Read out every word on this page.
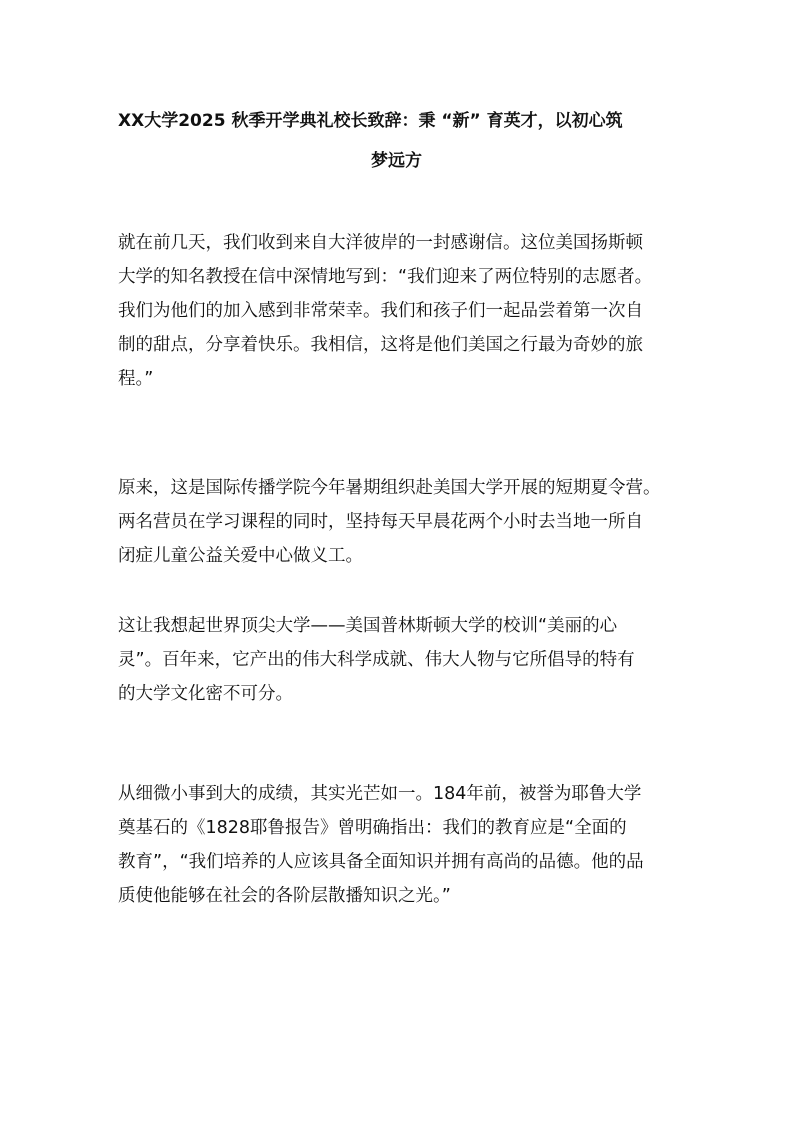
XX大学2025 秋季开学典礼校长致辞：秉 “新” 育英才，以初心筑
梦远方

就在前几天，我们收到来自大洋彼岸的一封感谢信。这位美国扬斯顿

大学的知名教授在信中深情地写到：“我们迎来了两位特别的志愿者。

我们为他们的加入感到非常荣幸。我们和孩子们一起品尝着第一次自

制的甜点，分享着快乐。我相信，这将是他们美国之行最为奇妙的旅

程。”

原来，这是国际传播学院今年暑期组织赴美国大学开展的短期夏令营。

两名营员在学习课程的同时，坚持每天早晨花两个小时去当地一所自

闭症儿童公益关爱中心做义工。

这让我想起世界顶尖大学——美国普林斯顿大学的校训“美丽的心

灵”。百年来，它产出的伟大科学成就、伟大人物与它所倡导的特有

的大学文化密不可分。

从细微小事到大的成绩，其实光芒如一。184年前，被誉为耶鲁大学

奠基石的《1828耶鲁报告》曾明确指出：我们的教育应是“全面的

教育”，“我们培养的人应该具备全面知识并拥有高尚的品德。他的品

质使他能够在社会的各阶层散播知识之光。”
